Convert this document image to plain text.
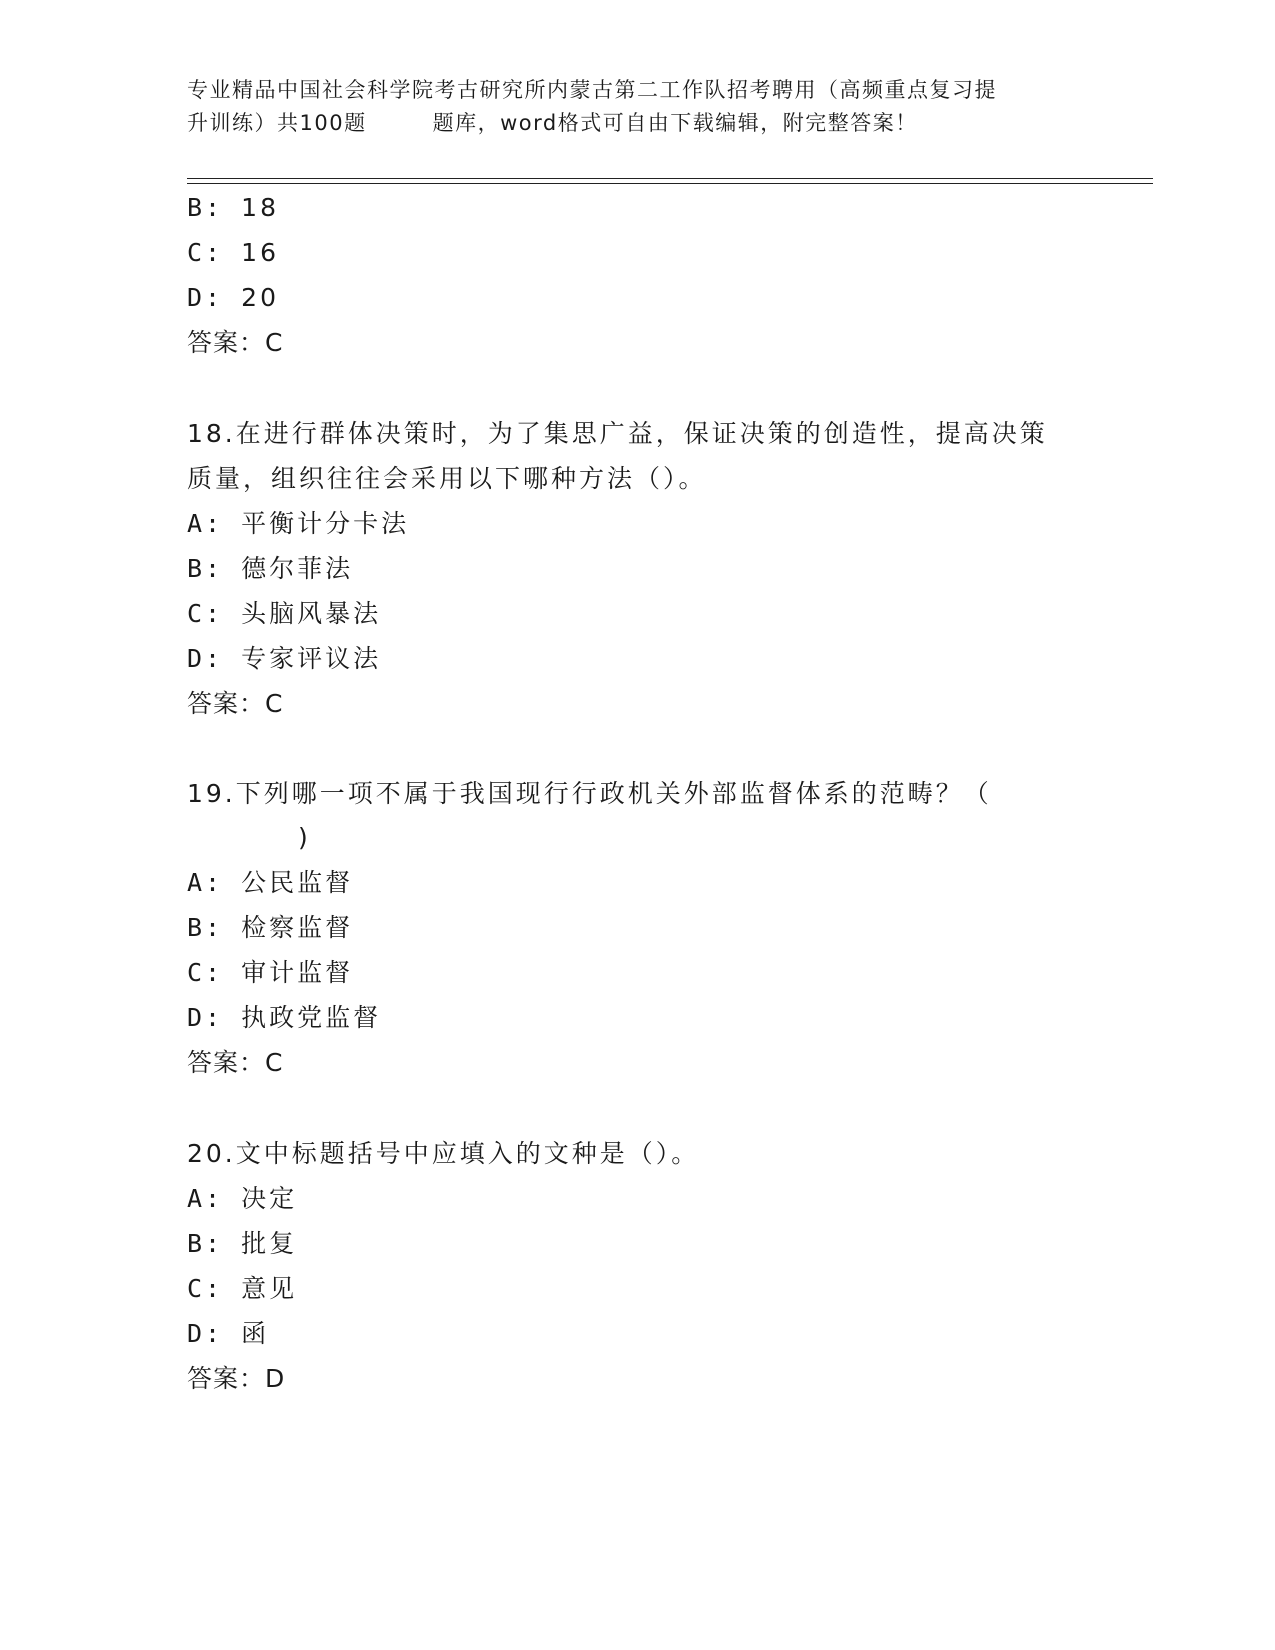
专业精品中国社会科学院考古研究所内蒙古第二工作队招考聘用（高频重点复习提
升训练）共100题	题库，word格式可自由下载编辑，附完整答案！
B: 18
C: 16
D: 20
答案：C
18.在进行群体决策时，为了集思广益，保证决策的创造性，提高决策
质量，组织往往会采用以下哪种方法（）。
A: 平衡计分卡法
B: 德尔菲法
C: 头脑风暴法
D: 专家评议法
答案：C
19.下列哪一项不属于我国现行行政机关外部监督体系的范畴？（
)
A: 公民监督
B: 检察监督
C: 审计监督
D: 执政党监督
答案：C
20.文中标题括号中应填入的文种是（）。
A: 决定
B: 批复
C: 意见
D: 函
答案：D
